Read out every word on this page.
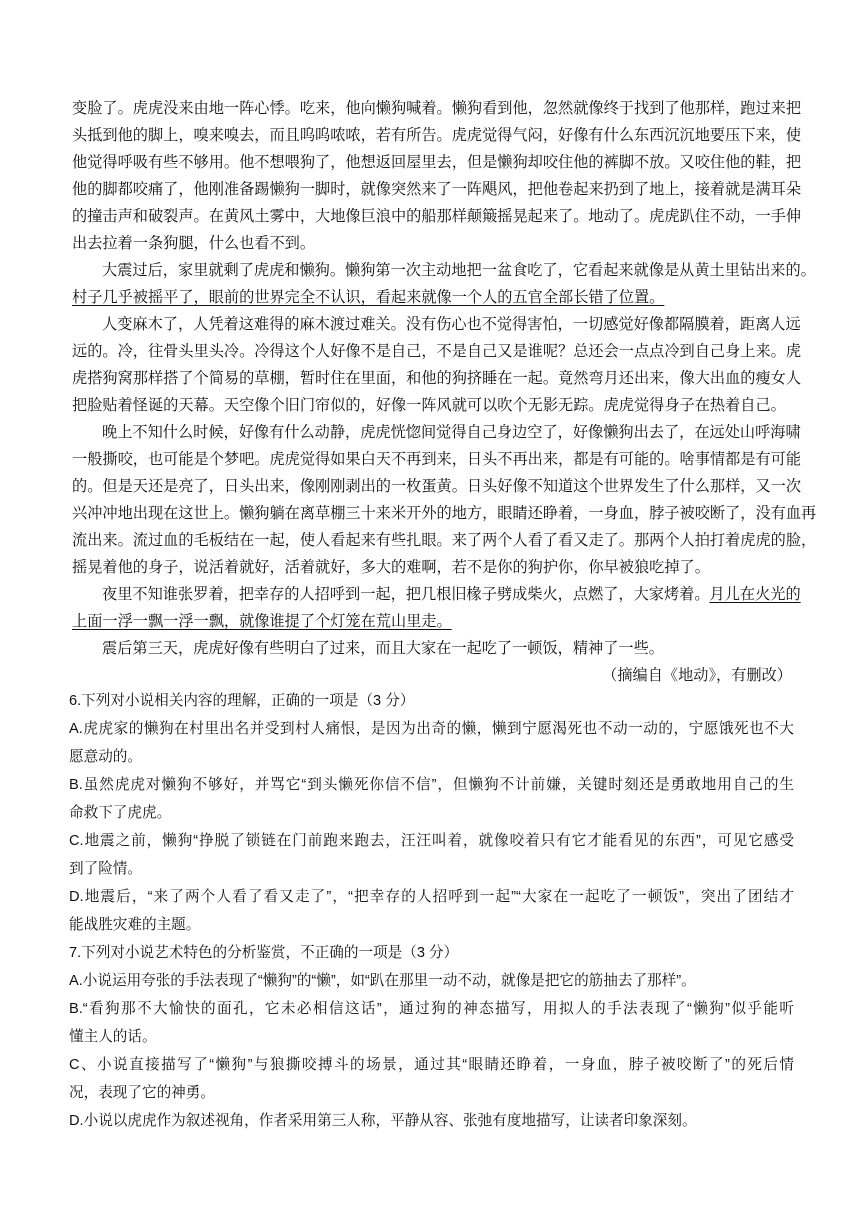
变脸了。虎虎没来由地一阵心悸。吃来，他向懒狗喊着。懒狗看到他，忽然就像终于找到了他那样，跑过来把
头抵到他的脚上，嗅来嗅去，而且呜呜哝哝，若有所告。虎虎觉得气闷，好像有什么东西沉沉地要压下来，使
他觉得呼吸有些不够用。他不想喂狗了，他想返回屋里去，但是懒狗却咬住他的裤脚不放。又咬住他的鞋，把
他的脚都咬痛了，他刚准备踢懒狗一脚时，就像突然来了一阵飓风，把他卷起来扔到了地上，接着就是满耳朵
的撞击声和破裂声。在黄风土雾中，大地像巨浪中的船那样颠簸摇晃起来了。地动了。虎虎趴住不动，一手伸
出去拉着一条狗腿，什么也看不到。
大震过后，家里就剩了虎虎和懒狗。懒狗第一次主动地把一盆食吃了，它看起来就像是从黄土里钻出来的。
村子几乎被摇平了，眼前的世界完全不认识，看起来就像一个人的五官全部长错了位置。
人变麻木了，人凭着这难得的麻木渡过难关。没有伤心也不觉得害怕，一切感觉好像都隔膜着，距离人远
远的。冷，往骨头里头冷。冷得这个人好像不是自己，不是自己又是谁呢？总还会一点点冷到自己身上来。虎
虎搭狗窝那样搭了个简易的草棚，暂时住在里面，和他的狗挤睡在一起。竟然弯月还出来，像大出血的瘦女人
把脸贴着怪诞的天幕。天空像个旧门帘似的，好像一阵风就可以吹个无影无踪。虎虎觉得身子在热着自己。
晚上不知什么时候，好像有什么动静，虎虎恍惚间觉得自己身边空了，好像懒狗出去了，在远处山呼海啸
一般撕咬，也可能是个梦吧。虎虎觉得如果白天不再到来，日头不再出来，都是有可能的。啥事情都是有可能
的。但是天还是亮了，日头出来，像刚刚剥出的一枚蛋黄。日头好像不知道这个世界发生了什么那样，又一次
兴冲冲地出现在这世上。懒狗躺在离草棚三十来米开外的地方，眼睛还睁着，一身血，脖子被咬断了，没有血再
流出来。流过血的毛板结在一起，使人看起来有些扎眼。来了两个人看了看又走了。那两个人拍打着虎虎的脸，
摇晃着他的身子，说活着就好，活着就好，多大的难啊，若不是你的狗护你，你早被狼吃掉了。
夜里不知谁张罗着，把幸存的人招呼到一起，把几根旧椽子劈成柴火，点燃了，大家烤着。月儿在火光的
上面一浮一飘一浮一飘，就像谁提了个灯笼在荒山里走。
震后第三天，虎虎好像有些明白了过来，而且大家在一起吃了一顿饭，精神了一些。
（摘编自《地动》，有删改）
6.下列对小说相关内容的理解，正确的一项是（3 分）
A.虎虎家的懒狗在村里出名并受到村人痛恨，是因为出奇的懒，懒到宁愿渴死也不动一动的，宁愿饿死也不大
愿意动的。
B.虽然虎虎对懒狗不够好，并骂它“到头懒死你信不信”，但懒狗不计前嫌，关键时刻还是勇敢地用自己的生
命救下了虎虎。
C.地震之前，懒狗“挣脱了锁链在门前跑来跑去，汪汪叫着，就像咬着只有它才能看见的东西”，可见它感受
到了险情。
D.地震后，“来了两个人看了看又走了”，“把幸存的人招呼到一起”“大家在一起吃了一顿饭”，突出了团结才
能战胜灾难的主题。
7.下列对小说艺术特色的分析鉴赏，不正确的一项是（3 分）
A.小说运用夸张的手法表现了“懒狗”的“懒”，如“趴在那里一动不动，就像是把它的筋抽去了那样”。
B.“看狗那不大愉快的面孔，它未必相信这话”，通过狗的神态描写，用拟人的手法表现了“懒狗”似乎能听
懂主人的话。
C、小说直接描写了“懒狗”与狼撕咬搏斗的场景，通过其“眼睛还睁着，一身血，脖子被咬断了”的死后情
况，表现了它的神勇。
D.小说以虎虎作为叙述视角，作者采用第三人称，平静从容、张弛有度地描写，让读者印象深刻。
